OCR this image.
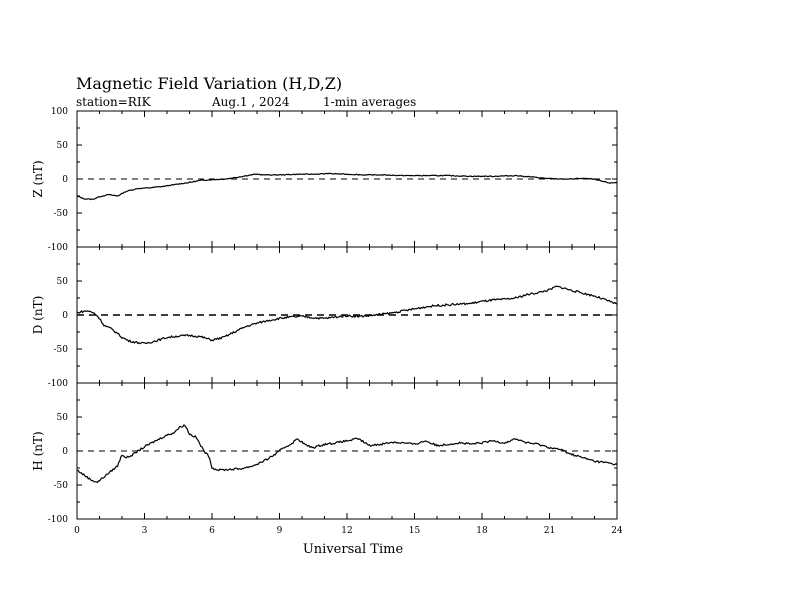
Magnetic Field Variation (H,D,Z)
station=RIK	Aug.1 , 2024	1-min averages
Universal Time
100
50
0
-50
-100
Z (nT)
50
0
-50
-100
D (nT)
50
0
-50
-100
H (nT)
0	3	6	9	12	15	18	21	24
